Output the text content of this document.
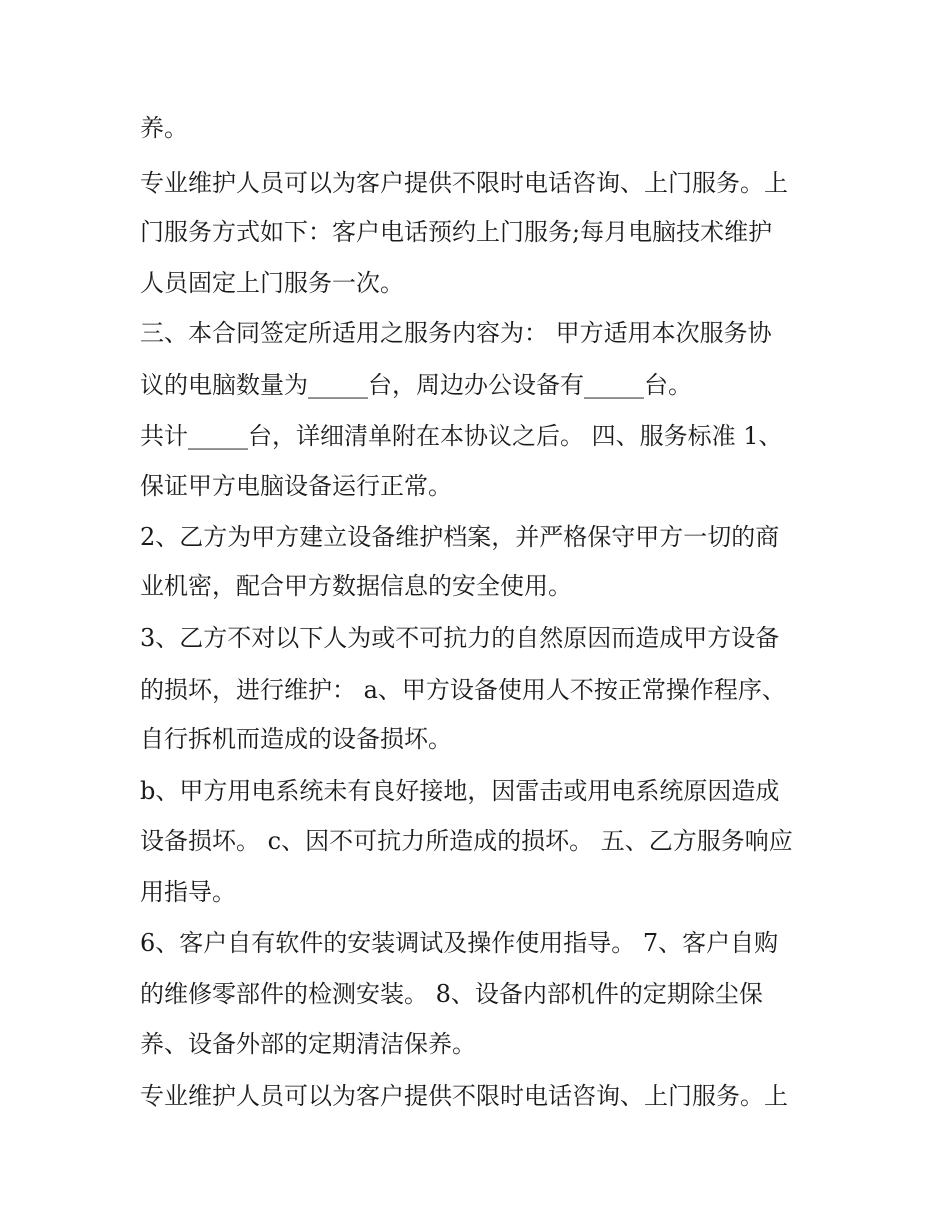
养。

专业维护人员可以为客户提供不限时电话咨询、上门服务。上

门服务方式如下：客户电话预约上门服务;每月电脑技术维护

人员固定上门服务一次。

三、本合同签定所适用之服务内容为： 甲方适用本次服务协

议的电脑数量为_____台，周边办公设备有_____台。

共计_____台，详细清单附在本协议之后。 四、服务标准 1、

保证甲方电脑设备运行正常。

2、乙方为甲方建立设备维护档案，并严格保守甲方一切的商

业机密，配合甲方数据信息的安全使用。

3、乙方不对以下人为或不可抗力的自然原因而造成甲方设备

的损坏，进行维护： a、甲方设备使用人不按正常操作程序、

自行拆机而造成的设备损坏。

b、甲方用电系统未有良好接地，因雷击或用电系统原因造成

设备损坏。 c、因不可抗力所造成的损坏。 五、乙方服务响应

用指导。

6、客户自有软件的安装调试及操作使用指导。 7、客户自购

的维修零部件的检测安装。 8、设备内部机件的定期除尘保

养、设备外部的定期清洁保养。

专业维护人员可以为客户提供不限时电话咨询、上门服务。上
